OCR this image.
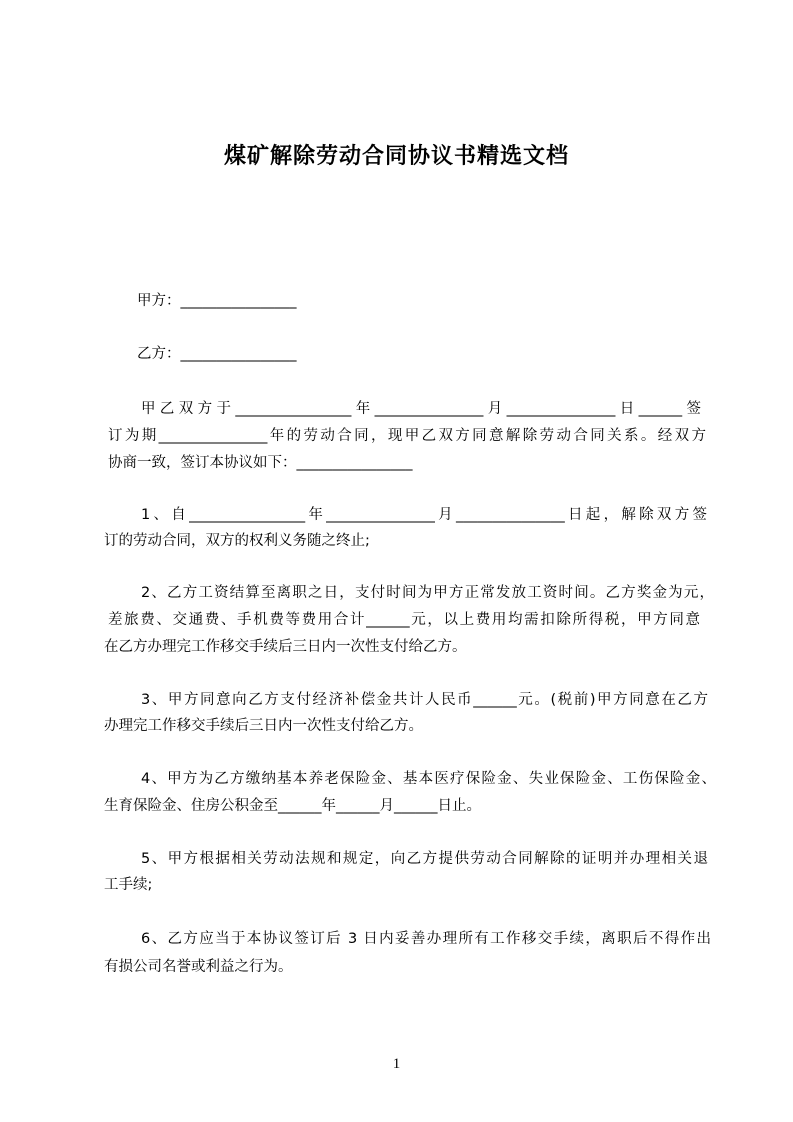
煤矿解除劳动合同协议书精选文档
甲方：________________
乙方：________________
甲乙双方于________________年_______________月_______________日______签
订为期_______________年的劳动合同，现甲乙双方同意解除劳动合同关系。经双方
协商一致，签订本协议如下：________________
1、自________________年_______________月_______________日起，解除双方签
订的劳动合同，双方的权利义务随之终止;
2、乙方工资结算至离职之日，支付时间为甲方正常发放工资时间。乙方奖金为元，
差旅费、交通费、手机费等费用合计______元，以上费用均需扣除所得税，甲方同意
在乙方办理完工作移交手续后三日内一次性支付给乙方。
3、甲方同意向乙方支付经济补偿金共计人民币______元。(税前)甲方同意在乙方
办理完工作移交手续后三日内一次性支付给乙方。
4、甲方为乙方缴纳基本养老保险金、基本医疗保险金、失业保险金、工伤保险金、
生育保险金、住房公积金至______年______月______日止。
5、甲方根据相关劳动法规和规定，向乙方提供劳动合同解除的证明并办理相关退
工手续;
6、乙方应当于本协议签订后 3 日内妥善办理所有工作移交手续，离职后不得作出
有损公司名誉或利益之行为。
1
